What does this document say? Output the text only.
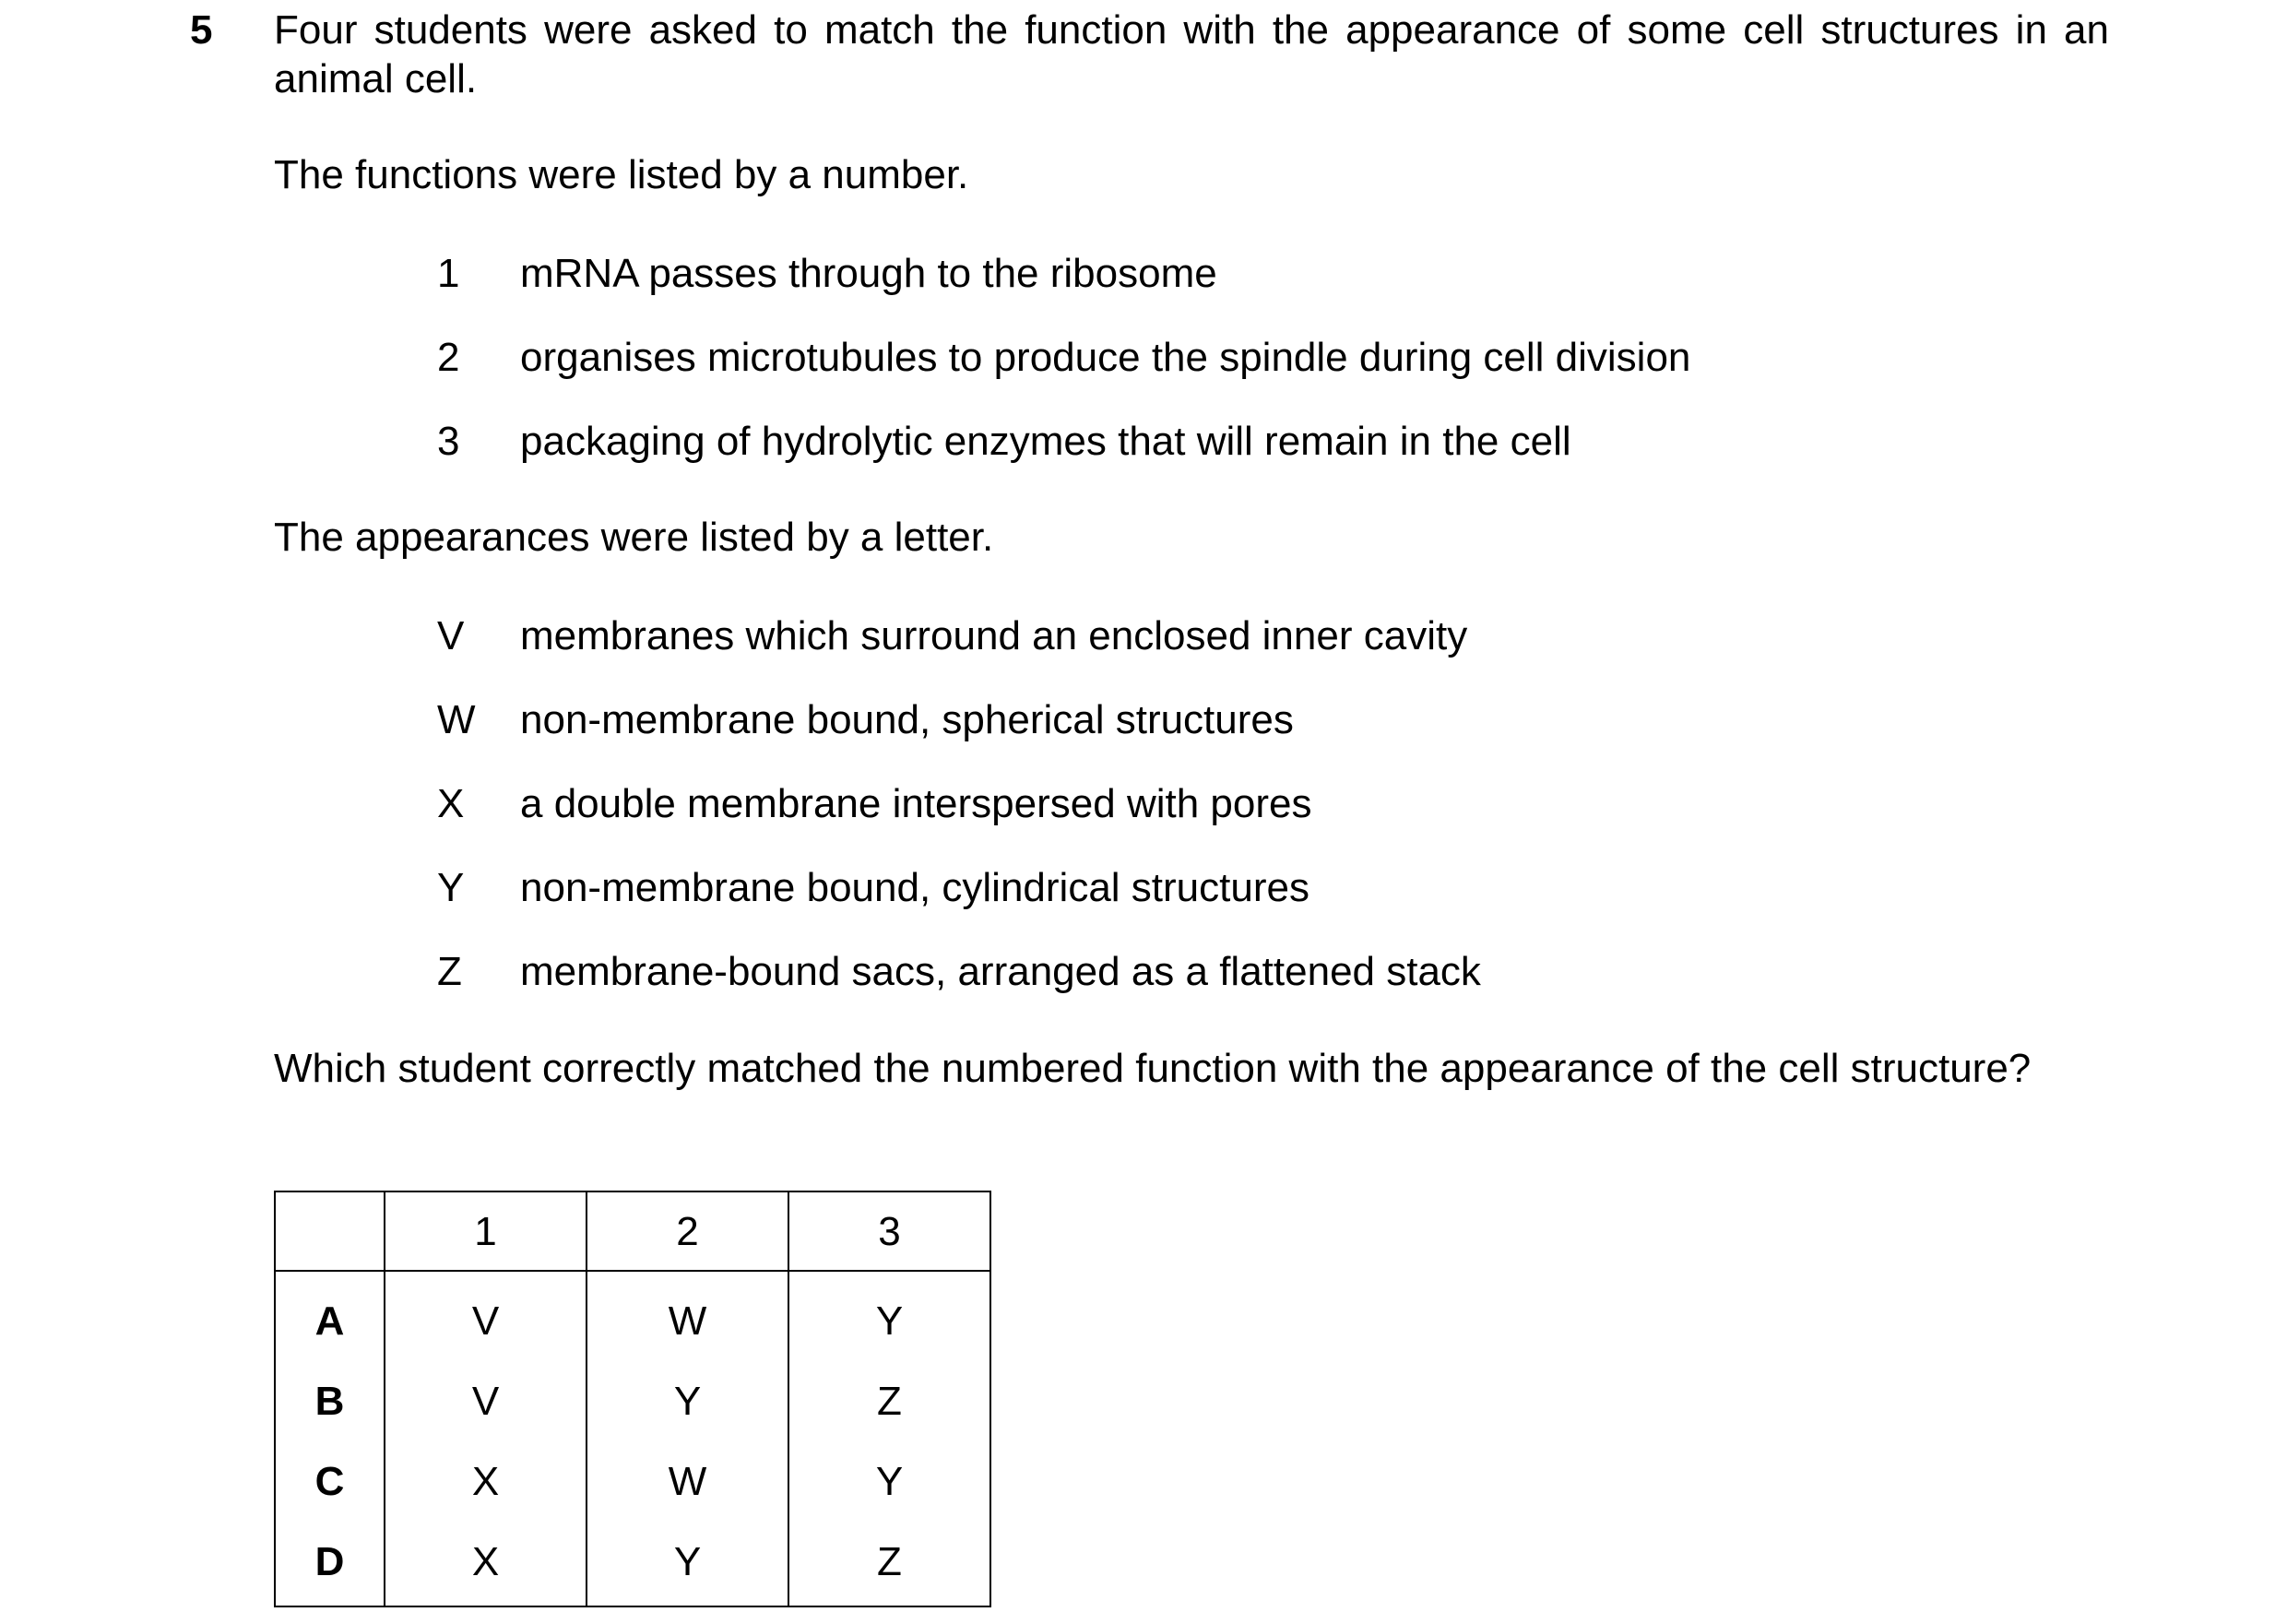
5 Four students were asked to match the function with the appearance of some cell structures in an animal cell.

The functions were listed by a number.

1	mRNA passes through to the ribosome
2	organises microtubules to produce the spindle during cell division
3	packaging of hydrolytic enzymes that will remain in the cell

The appearances were listed by a letter.

V	membranes which surround an enclosed inner cavity
W	non-membrane bound, spherical structures
X	a double membrane interspersed with pores
Y	non-membrane bound, cylindrical structures
Z	membrane-bound sacs, arranged as a flattened stack

Which student correctly matched the numbered function with the appearance of the cell structure?

	1	2	3
A	V	W	Y
B	V	Y	Z
C	X	W	Y
D	X	Y	Z
